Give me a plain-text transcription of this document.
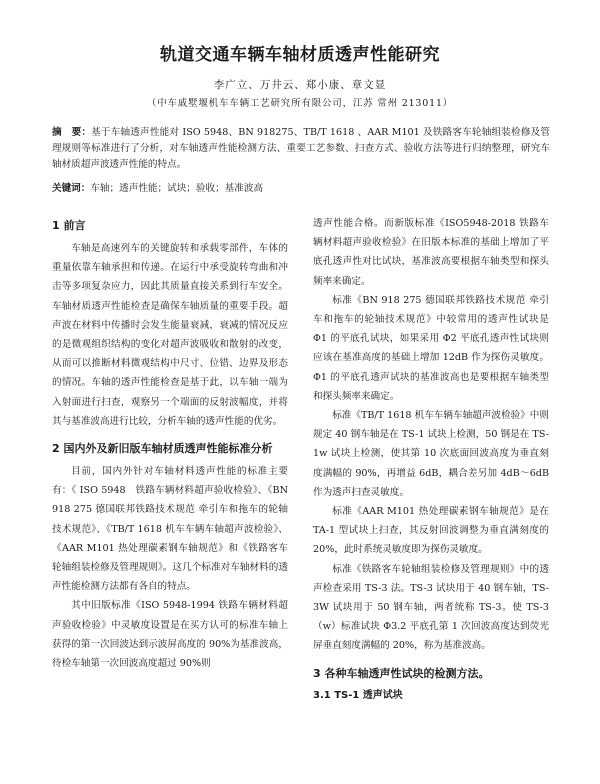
轨道交通车辆车轴材质透声性能研究
李广立、万井云、郑小康、章文显
（中车戚墅堰机车车辆工艺研究所有限公司，江苏 常州 213011）
摘　要：基于车轴透声性能对 ISO 5948、BN 918275、TB/T 1618 、AAR M101 及铁路客车轮轴组装检修及管理规则等标准进行了分析，对车轴透声性能检测方法、重要工艺参数、扫查方式、验收方法等进行归纳整理，研究车轴材质超声波透声性能的特点。
关键词：车轴；透声性能；试块；验收；基准波高
1 前言

车轴是高速列车的关键旋转和承载零部件，车体的重量依靠车轴承担和传递。在运行中承受旋转弯曲和冲击等多项复杂应力，因此其质量直接关系到行车安全。车轴材质透声性能检查是确保车轴质量的重要手段。超声波在材料中传播时会发生能量衰减，衰减的情况反应的是微观组织结构的变化对超声波吸收和散射的改变，从而可以推断材料微观结构中尺寸、位错、边界及形态的情况。车轴的透声性能检查是基于此，以车轴一端为入射面进行扫查，观察另一个端面的反射波幅度，并将其与基准波高进行比较，分析车轴的透声性能的优劣。

2 国内外及新旧版车轴材质透声性能标准分析

目前，国内外针对车轴材料透声性能的标准主要有：《 ISO 5948　铁路车辆材料超声验收检验》、《BN 918 275 德国联邦铁路技术规范 牵引车和拖车的轮轴技术规范》、《TB/T 1618 机车车辆车轴超声波检验》、《AAR M101 热处理碳素钢车轴规范》和《铁路客车轮轴组装检修及管理规则》。这几个标准对车轴材料的透声性能检测方法都有各自的特点。

其中旧版标准《ISO 5948-1994 铁路车辆材料超声验收检验》中灵敏度设置是在买方认可的标准车轴上获得的第一次回波达到示波屏高度的 90%为基准波高，待检车轴第一次回波高度超过 90%则

透声性能合格。而新版标准《ISO5948-2018 铁路车辆材料超声验收检验》在旧版本标准的基础上增加了平底孔透声性对比试块，基准波高要根据车轴类型和探头频率来确定。

标准《BN 918 275 德国联邦铁路技术规范 牵引车和拖车的轮轴技术规范》中较常用的透声性试块是 Φ1 的平底孔试块，如果采用 Φ2 平底孔透声性试块则应该在基准高度的基础上增加 12dB 作为探伤灵敏度。Φ1 的平底孔透声试块的基准波高也是要根据车轴类型和探头频率来确定。

标准《TB/T 1618 机车车辆车轴超声波检验》中则规定 40 钢车轴是在 TS-1 试块上检测，50 钢是在 TS-1w 试块上检测，使其第 10 次底面回波高度为垂直刻度满幅的 90%，再增益 6dB，耦合差另加 4dB～6dB 作为透声扫查灵敏度。

标准《AAR M101 热处理碳素钢车轴规范》是在 TA-1 型试块上扫查，其反射回波调整为垂直满刻度的 20%，此时系统灵敏度即为探伤灵敏度。

标准《铁路客车轮轴组装检修及管理规则》中的透声检查采用 TS-3 法。TS-3 试块用于 40 钢车轴，TS-3W 试块用于 50 钢车轴，两者统称 TS-3。使 TS-3（w）标准试块 Φ3.2 平底孔第 1 次回波高度达到荧光屏垂直刻度满幅的 20%，称为基准波高。

3 各种车轴透声性试块的检测方法。
3.1 TS-1 透声试块
